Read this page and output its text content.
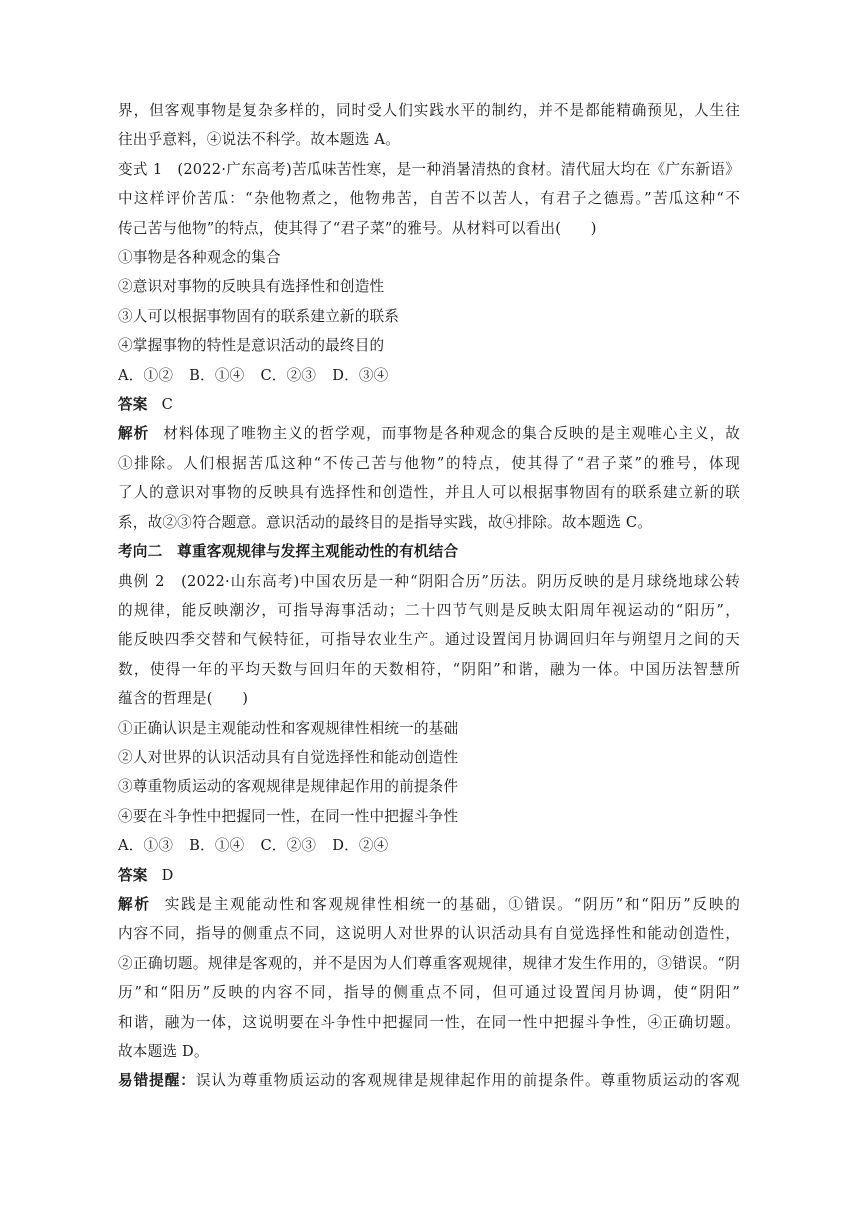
界，但客观事物是复杂多样的，同时受人们实践水平的制约，并不是都能精确预见，人生往

往出乎意料，④说法不科学。故本题选 A。

变式 1　(2022·广东高考)苦瓜味苦性寒，是一种消暑清热的食材。清代屈大均在《广东新语》

中这样评价苦瓜：“杂他物煮之，他物弗苦，自苦不以苦人，有君子之德焉。”苦瓜这种“不

传己苦与他物”的特点，使其得了“君子菜”的雅号。从材料可以看出(　　)

①事物是各种观念的集合

②意识对事物的反映具有选择性和创造性

③人可以根据事物固有的联系建立新的联系

④掌握事物的特性是意识活动的最终目的

A．①② B．①④ C．②③ D．③④

答案 C

解析 材料体现了唯物主义的哲学观，而事物是各种观念的集合反映的是主观唯心主义，故

①排除。人们根据苦瓜这种“不传己苦与他物”的特点，使其得了“君子菜”的雅号，体现

了人的意识对事物的反映具有选择性和创造性，并且人可以根据事物固有的联系建立新的联

系，故②③符合题意。意识活动的最终目的是指导实践，故④排除。故本题选 C。

考向二　尊重客观规律与发挥主观能动性的有机结合

典例 2　(2022·山东高考)中国农历是一种“阴阳合历”历法。阴历反映的是月球绕地球公转

的规律，能反映潮汐，可指导海事活动；二十四节气则是反映太阳周年视运动的“阳历”，

能反映四季交替和气候特征，可指导农业生产。通过设置闰月协调回归年与朔望月之间的天

数，使得一年的平均天数与回归年的天数相符，“阴阳”和谐，融为一体。中国历法智慧所

蕴含的哲理是(　　)

①正确认识是主观能动性和客观规律性相统一的基础

②人对世界的认识活动具有自觉选择性和能动创造性

③尊重物质运动的客观规律是规律起作用的前提条件

④要在斗争性中把握同一性，在同一性中把握斗争性

A．①③ B．①④ C．②③ D．②④

答案 D

解析 实践是主观能动性和客观规律性相统一的基础，①错误。“阴历”和“阳历”反映的

内容不同，指导的侧重点不同，这说明人对世界的认识活动具有自觉选择性和能动创造性，

②正确切题。规律是客观的，并不是因为人们尊重客观规律，规律才发生作用的，③错误。“阴

历”和“阳历”反映的内容不同，指导的侧重点不同，但可通过设置闰月协调，使“阴阳”

和谐，融为一体，这说明要在斗争性中把握同一性，在同一性中把握斗争性，④正确切题。

故本题选 D。

易错提醒：误认为尊重物质运动的客观规律是规律起作用的前提条件。尊重物质运动的客观
